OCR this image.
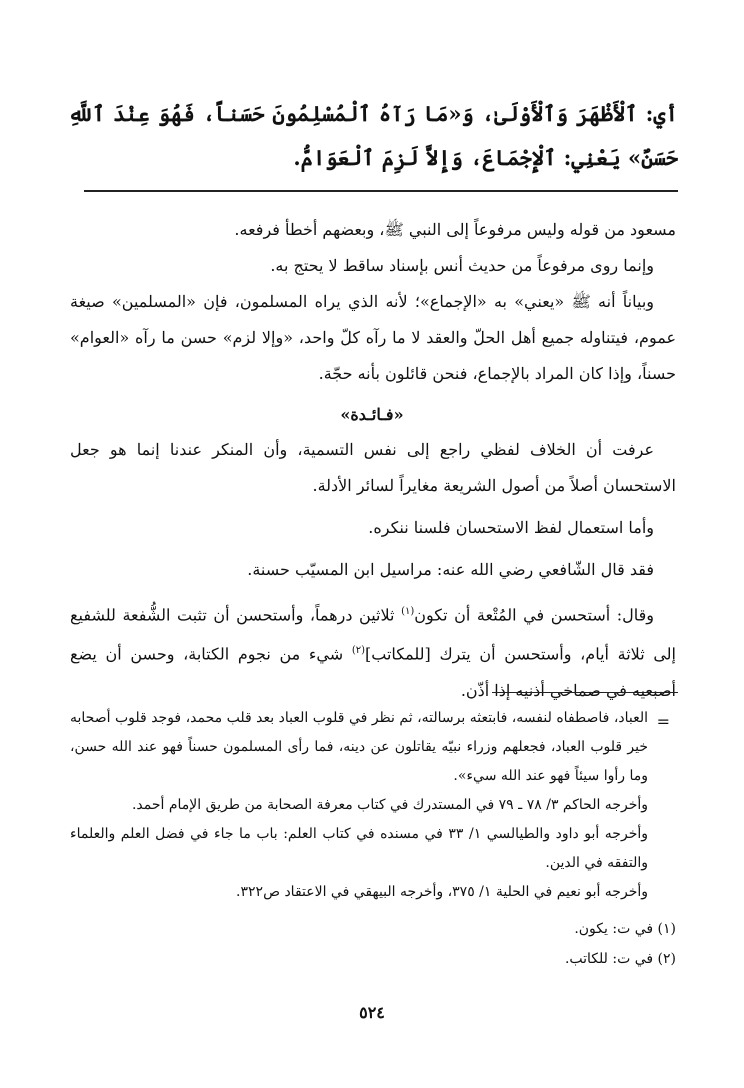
أي: ٱلْأَظْهَرَ وَٱلْأَوْلَىٰ، وَ«مَا رَآهُ ٱلْمُسْلِمُونَ حَسَناً، فَهُوَ عِنْدَ ٱللَّهِ حَسَنٌ» يَعْنِي: ٱلْإِجْمَاعَ، وَإِلاَّ لَزِمَ ٱلْعَوَامُّ.
مسعود من قوله وليس مرفوعاً إلى النبي ﷺ، وبعضهم أخطأ فرفعه.
وإنما روى مرفوعاً من حديث أنس بإسناد ساقط لا يحتج به.
وبياناً أنه ﷺ «يعني» به «الإجماع»؛ لأنه الذي يراه المسلمون، فإن «المسلمين» صيغة عموم، فيتناوله جميع أهل الحلّ والعقد لا ما رآه كلّ واحد، «وإلا لزم» حسن ما رآه «العوام» حسناً، وإذا كان المراد بالإجماع، فنحن قائلون بأنه حجّة.
«فـائـدة»
عرفت أن الخلاف لفظي راجع إلى نفس التسمية، وأن المنكر عندنا إنما هو جعل الاستحسان أصلاً من أصول الشريعة مغايراً لسائر الأدلة.
وأما استعمال لفظ الاستحسان فلسنا ننكره.
فقد قال الشّافعي رضي الله عنه: مراسيل ابن المسيّب حسنة.
وقال: أستحسن في المُتْعة أن تكون$^{(١)}$ ثلاثين درهماً، وأستحسن أن تثبت الشُّفعة للشفيع إلى ثلاثة أيام، وأستحسن أن يترك [للمكاتب]$^{(٢)}$ شيء من نجوم الكتابة، وحسن أن يضع أصبعيه في صماخي أذنيه إذا أذّن.
=
العباد، فاصطفاه لنفسه، فابتعثه برسالته، ثم نظر في قلوب العباد بعد قلب محمد، فوجد قلوب أصحابه خير قلوب العباد، فجعلهم وزراء نبيّه يقاتلون عن دينه، فما رأى المسلمون حسناً فهو عند الله حسن، وما رأوا سيئاً فهو عند الله سيء».
وأخرجه الحاكم ٣/ ٧٨ ـ ٧٩ في المستدرك في كتاب معرفة الصحابة من طريق الإمام أحمد.
وأخرجه أبو داود والطيالسي ١/ ٣٣ في مسنده في كتاب العلم: باب ما جاء في فضل العلم والعلماء والتفقه في الدين.
وأخرجه أبو نعيم في الحلية ١/ ٣٧٥، وأخرجه البيهقي في الاعتقاد ص٣٢٢.
(١) في ت: يكون.
(٢) في ت: للكاتب.
٥٢٤
